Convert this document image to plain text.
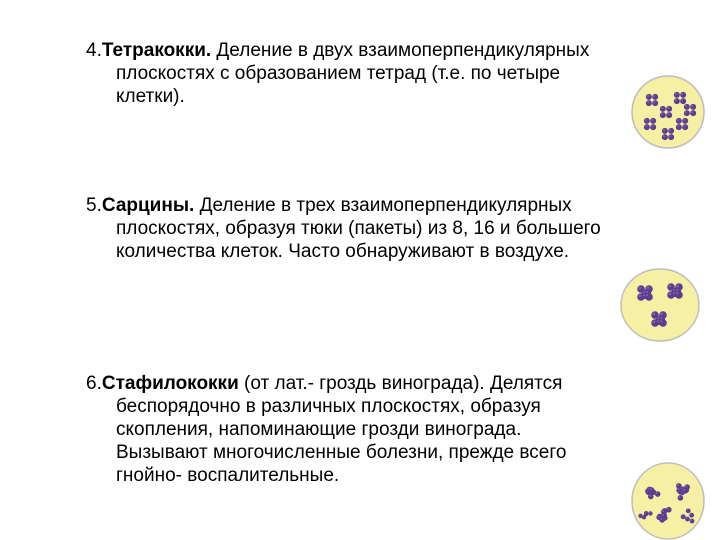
4.Тетракокки. Деление в двух взаимоперпендикулярных
плоскостях с образованием тетрад (т.е. по четыре
клетки).
5.Сарцины. Деление в трех взаимоперпендикулярных
плоскостях, образуя тюки (пакеты) из 8, 16 и большего
количества клеток. Часто обнаруживают в воздухе.
6.Стафилококки (от лат.- гроздь винограда). Делятся
беспорядочно в различных плоскостях, образуя
скопления, напоминающие грозди винограда.
Вызывают многочисленные болезни, прежде всего
гнойно- воспалительные.
